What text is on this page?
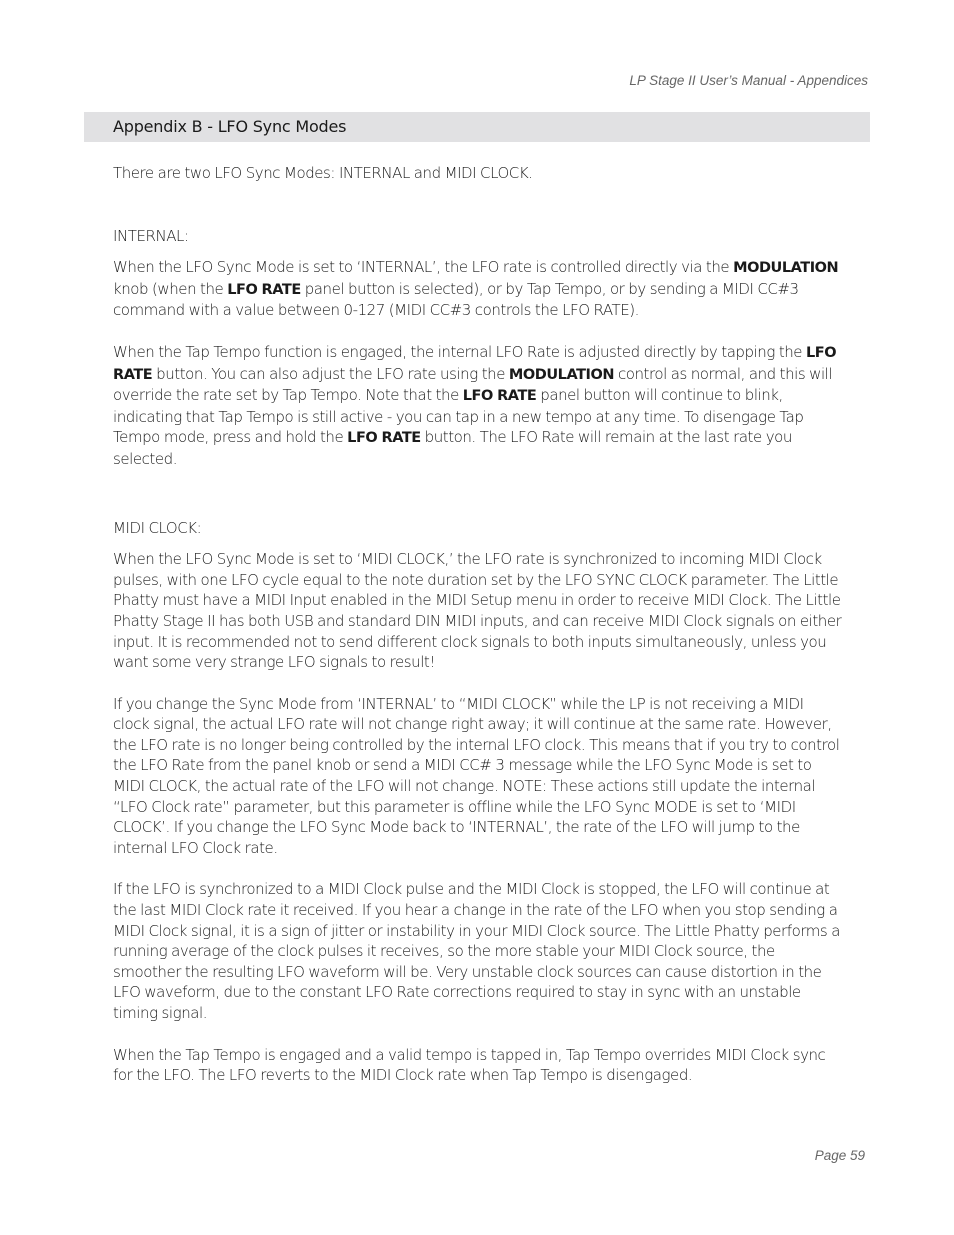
LP Stage II User’s Manual - Appendices
Appendix B - LFO Sync Modes

There are two LFO Sync Modes: INTERNAL and MIDI CLOCK.

INTERNAL:

When the LFO Sync Mode is set to ‘INTERNAL’, the LFO rate is controlled directly via the MODULATION knob (when the LFO RATE panel button is selected), or by Tap Tempo, or by sending a MIDI CC#3 command with a value between 0-127 (MIDI CC#3 controls the LFO RATE).

When the Tap Tempo function is engaged, the internal LFO Rate is adjusted directly by tapping the LFO RATE button. You can also adjust the LFO rate using the MODULATION control as normal, and this will override the rate set by Tap Tempo. Note that the LFO RATE panel button will continue to blink, indicating that Tap Tempo is still active - you can tap in a new tempo at any time. To disengage Tap Tempo mode, press and hold the LFO RATE button. The LFO Rate will remain at the last rate you selected.

MIDI CLOCK:

When the LFO Sync Mode is set to ‘MIDI CLOCK,’ the LFO rate is synchronized to incoming MIDI Clock pulses, with one LFO cycle equal to the note duration set by the LFO SYNC CLOCK parameter. The Little Phatty must have a MIDI Input enabled in the MIDI Setup menu in order to receive MIDI Clock. The Little Phatty Stage II has both USB and standard DIN MIDI inputs, and can receive MIDI Clock signals on either input. It is recommended not to send different clock signals to both inputs simultaneously, unless you want some very strange LFO signals to result!

If you change the Sync Mode from ‘INTERNAL’ to “MIDI CLOCK” while the LP is not receiving a MIDI clock signal, the actual LFO rate will not change right away; it will continue at the same rate. However, the LFO rate is no longer being controlled by the internal LFO clock. This means that if you try to control the LFO Rate from the panel knob or send a MIDI CC# 3 message while the LFO Sync Mode is set to MIDI CLOCK, the actual rate of the LFO will not change. NOTE: These actions still update the internal “LFO Clock rate” parameter, but this parameter is offline while the LFO Sync MODE is set to ‘MIDI CLOCK’. If you change the LFO Sync Mode back to ‘INTERNAL’, the rate of the LFO will jump to the internal LFO Clock rate.

If the LFO is synchronized to a MIDI Clock pulse and the MIDI Clock is stopped, the LFO will continue at the last MIDI Clock rate it received. If you hear a change in the rate of the LFO when you stop sending a MIDI Clock signal, it is a sign of jitter or instability in your MIDI Clock source. The Little Phatty performs a running average of the clock pulses it receives, so the more stable your MIDI Clock source, the smoother the resulting LFO waveform will be. Very unstable clock sources can cause distortion in the LFO waveform, due to the constant LFO Rate corrections required to stay in sync with an unstable timing signal.

When the Tap Tempo is engaged and a valid tempo is tapped in, Tap Tempo overrides MIDI Clock sync for the LFO. The LFO reverts to the MIDI Clock rate when Tap Tempo is disengaged.

Page 59
